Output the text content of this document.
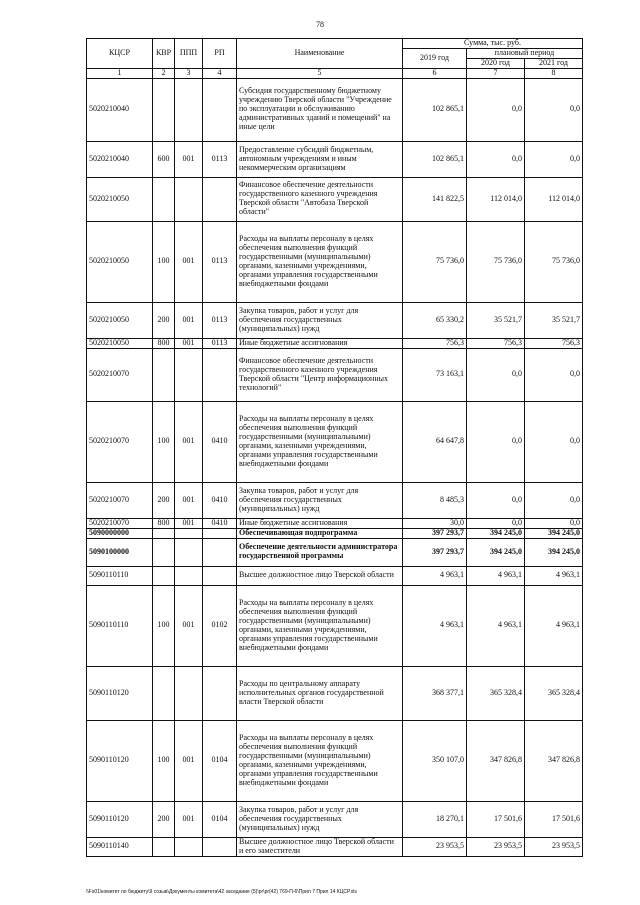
78
КЦСР	КВР	ППП	РП	Наименование	Сумма, тыс. руб.		
					2019 год	плановый период	
						2020 год	2021 год
1	2	3	4	5	6	7	8
5020210040				Субсидия государственному бюджетному учреждению Тверской области "Учреждение по эксплуатации и обслуживанию административных зданий и помещений" на иные цели	102 865,1	0,0	0,0
5020210040	600	001	0113	Предоставление субсидий бюджетным, автономным учреждениям и иным некоммерческим организациям	102 865,1	0,0	0,0
5020210050				Финансовое обеспечение деятельности государственного казенного учреждения Тверской области "Автобаза Тверской области"	141 822,5	112 014,0	112 014,0
5020210050	100	001	0113	Расходы на выплаты персоналу в целях обеспечения выполнения функций государственными (муниципальными) органами, казенными учреждениями, органами управления государственными внебюджетными фондами	75 736,0	75 736,0	75 736,0
5020210050	200	001	0113	Закупка товаров, работ и услуг для обеспечения государственных (муниципальных) нужд	65 330,2	35 521,7	35 521,7
5020210050	800	001	0113	Иные бюджетные ассигнования	756,3	756,3	756,3
5020210070				Финансовое обеспечение деятельности государственного казенного учреждения Тверской области "Центр информационных технологий"	73 163,1	0,0	0,0
5020210070	100	001	0410	Расходы на выплаты персоналу в целях обеспечения выполнения функций государственными (муниципальными) органами, казенными учреждениями, органами управления государственными внебюджетными фондами	64 647,8	0,0	0,0
5020210070	200	001	0410	Закупка товаров, работ и услуг для обеспечения государственных (муниципальных) нужд	8 485,3	0,0	0,0
5020210070	800	001	0410	Иные бюджетные ассигнования	30,0	0,0	0,0
5090000000				Обеспечивающая подпрограмма	397 293,7	394 245,0	394 245,0
5090100000				Обеспечение деятельности администратора государственной программы	397 293,7	394 245,0	394 245,0
5090110110				Высшее должностное лицо Тверской области	4 963,1	4 963,1	4 963,1
5090110110	100	001	0102	Расходы на выплаты персоналу в целях обеспечения выполнения функций государственными (муниципальными) органами, казенными учреждениями, органами управления государственными внебюджетными фондами	4 963,1	4 963,1	4 963,1
5090110120				Расходы по центральному аппарату исполнительных органов государственной власти Тверской области	368 377,1	365 328,4	365 328,4
5090110120	100	001	0104	Расходы на выплаты персоналу в целях обеспечения выполнения функций государственными (муниципальными) органами, казенными учреждениями, органами управления государственными внебюджетными фондами	350 107,0	347 826,8	347 826,8
5090110120	200	001	0104	Закупка товаров, работ и услуг для обеспечения государственных (муниципальных) нужд	18 270,1	17 501,6	17 501,6
5090110140				Высшее должностное лицо Тверской области и его заместители	23 953,5	23 953,5	23 953,5
\\Fs01\комитет по бюджету\9 созыв\Документы комитета\42 заседание (5)\pr\pr(42) 769-П-6\Прил 7 Прил 14 КЦСР.xls
